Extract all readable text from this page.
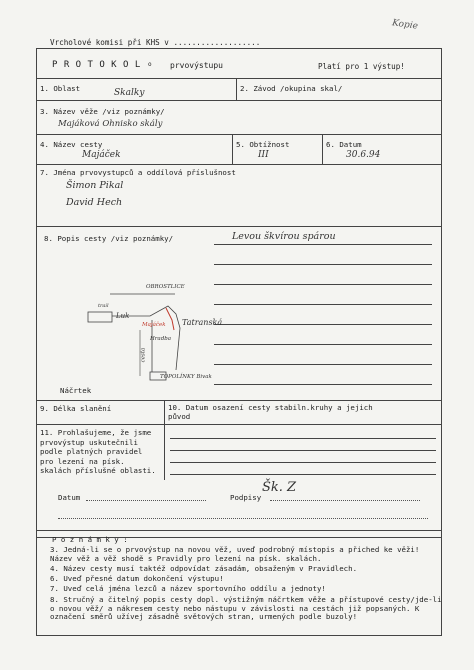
Vrcholové komisi při KHS v ...................
Kopie
P R O T O K O L o prvovýstupu	Platí pro 1 výstup!
1. Oblast	Skalky	2. Závod /okupina skal/
3. Název věže /viz poznámky/
Majáková Ohnisko skály
4. Název cesty
Majáček
5. Obtížnost
III
6. Datum
30.6.94
7. Jména prvovystupců a oddílová příslušnost
Šimon Pikal
David Hech
8. Popis cesty /viz poznámky/	Levou škvírou spárou
OBROSTLICE
trail
Luk
Majáček Tatranská
cesta
Hradba
TOPOLÍNKY Bivak
Náčrtek
9. Délka slanění	10. Datum osazení cesty stabiln.kruhy a jejich původ
11. Prohlašujeme, že jsme prvovýstup uskutečnili podle platných pravidel pro lezení na písk. skalách příslušné oblasti.
Datum	Podpisy
Šk. Z
P o z n á m k y :
3. Jedná-li se o prvovýstup na novou věž, uveď podrobný místopis a přiched ke věži! Název věž a věž shodě s Pravidly pro lezení na písk. skalách.
4. Název cesty musí taktéž odpovídat zásadám, obsaženým v Pravidlech.
6. Uveď přesné datum dokončení výstupu!
7. Uveď celá jména lezců a název sportovního oddílu a jednoty!
8. Stručný a čitelný popis cesty dopl. výstižným náčrtkem věže a přístupové cesty/jde-li o novou věž/ a nákresem cesty nebo nástupu v závislosti na cestách již popsaných. K označení směrů užívej zásadně světových stran, urmených podle buzoly!
